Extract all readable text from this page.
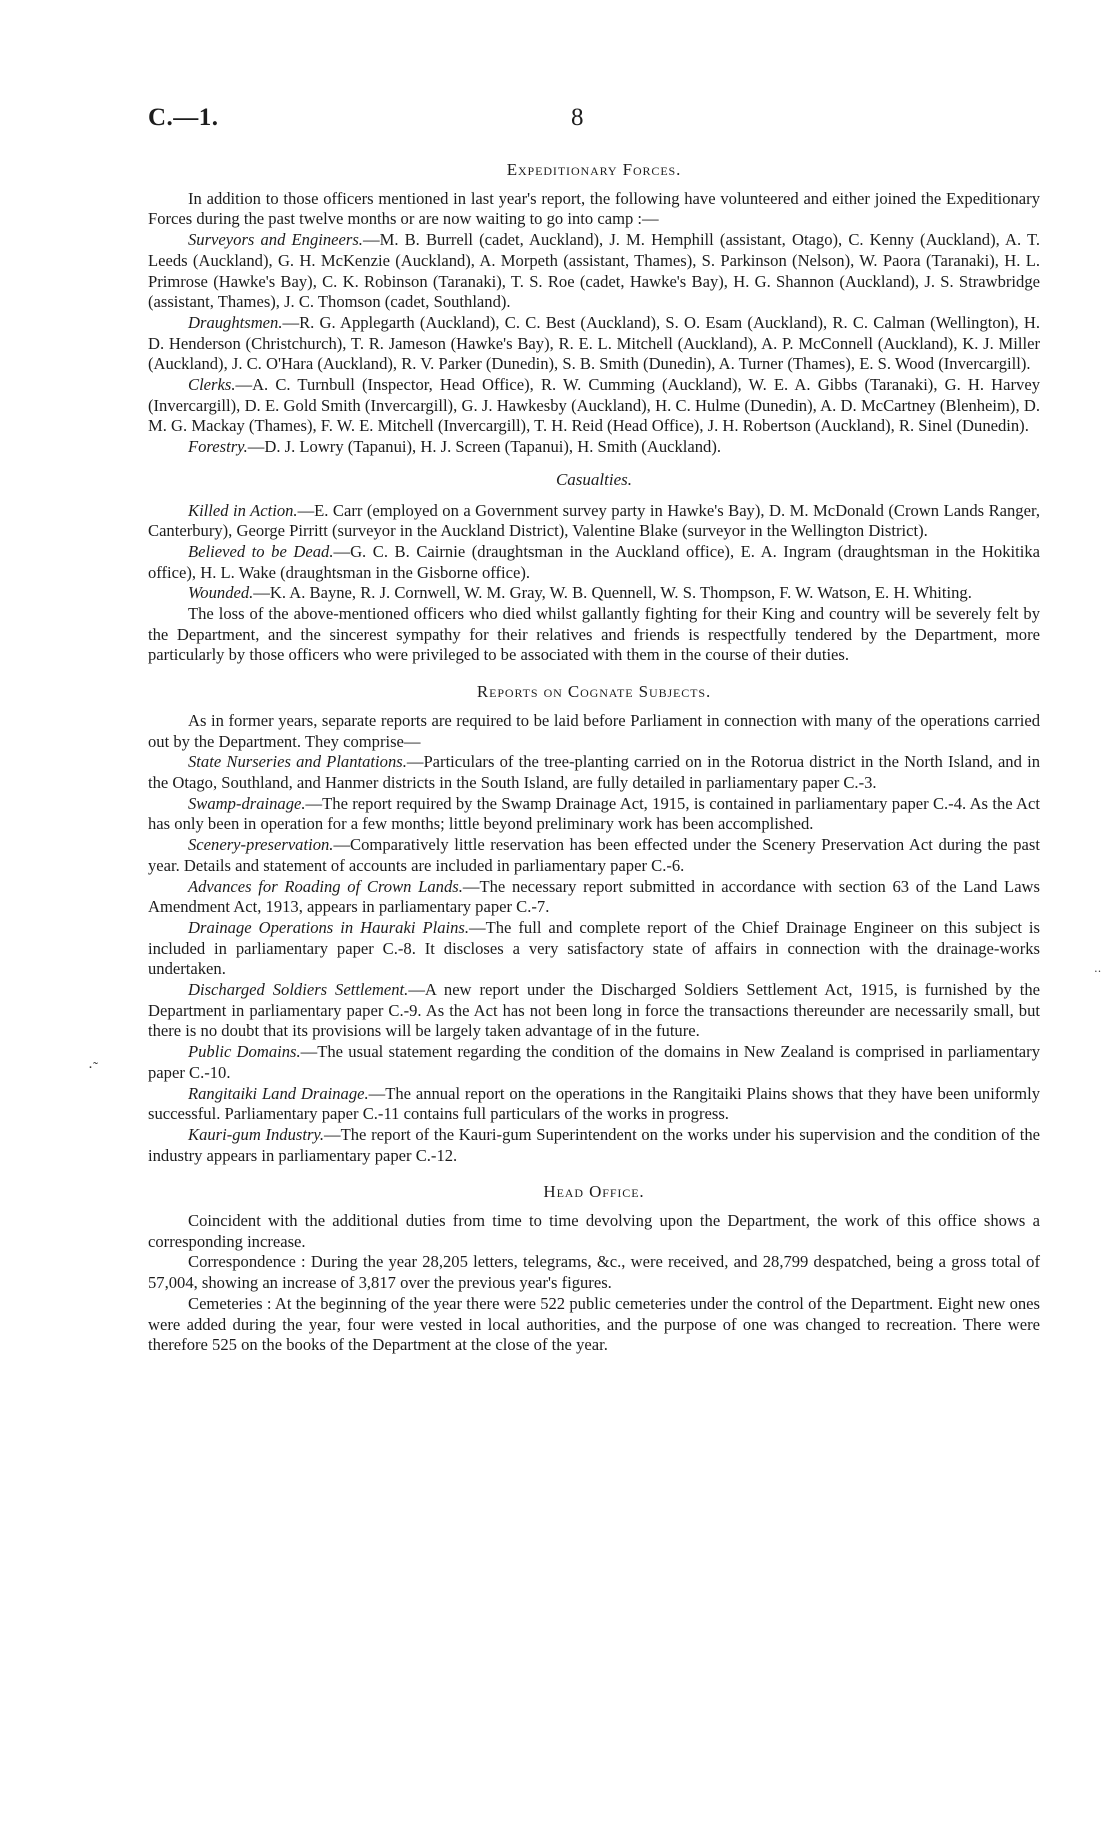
C.—1.	8
·˜
‥
Expeditionary Forces.

In addition to those officers mentioned in last year's report, the following have volunteered and either joined the Expeditionary Forces during the past twelve months or are now waiting to go into camp :—

Surveyors and Engineers.—M. B. Burrell (cadet, Auckland), J. M. Hemphill (assistant, Otago), C. Kenny (Auckland), A. T. Leeds (Auckland), G. H. McKenzie (Auckland), A. Morpeth (assistant, Thames), S. Parkinson (Nelson), W. Paora (Taranaki), H. L. Primrose (Hawke's Bay), C. K. Robinson (Taranaki), T. S. Roe (cadet, Hawke's Bay), H. G. Shannon (Auckland), J. S. Strawbridge (assistant, Thames), J. C. Thomson (cadet, Southland).

Draughtsmen.—R. G. Applegarth (Auckland), C. C. Best (Auckland), S. O. Esam (Auckland), R. C. Calman (Wellington), H. D. Henderson (Christchurch), T. R. Jameson (Hawke's Bay), R. E. L. Mitchell (Auckland), A. P. McConnell (Auckland), K. J. Miller (Auckland), J. C. O'Hara (Auckland), R. V. Parker (Dunedin), S. B. Smith (Dunedin), A. Turner (Thames), E. S. Wood (Invercargill).

Clerks.—A. C. Turnbull (Inspector, Head Office), R. W. Cumming (Auckland), W. E. A. Gibbs (Taranaki), G. H. Harvey (Invercargill), D. E. Gold Smith (Invercargill), G. J. Hawkesby (Auckland), H. C. Hulme (Dunedin), A. D. McCartney (Blenheim), D. M. G. Mackay (Thames), F. W. E. Mitchell (Invercargill), T. H. Reid (Head Office), J. H. Robertson (Auckland), R. Sinel (Dunedin).

Forestry.—D. J. Lowry (Tapanui), H. J. Screen (Tapanui), H. Smith (Auckland).

Casualties.

Killed in Action.—E. Carr (employed on a Government survey party in Hawke's Bay), D. M. McDonald (Crown Lands Ranger, Canterbury), George Pirritt (surveyor in the Auckland District), Valentine Blake (surveyor in the Wellington District).

Believed to be Dead.—G. C. B. Cairnie (draughtsman in the Auckland office), E. A. Ingram (draughtsman in the Hokitika office), H. L. Wake (draughtsman in the Gisborne office).

Wounded.—K. A. Bayne, R. J. Cornwell, W. M. Gray, W. B. Quennell, W. S. Thompson, F. W. Watson, E. H. Whiting.

The loss of the above-mentioned officers who died whilst gallantly fighting for their King and country will be severely felt by the Department, and the sincerest sympathy for their relatives and friends is respectfully tendered by the Department, more particularly by those officers who were privileged to be associated with them in the course of their duties.

Reports on Cognate Subjects.

As in former years, separate reports are required to be laid before Parliament in connection with many of the operations carried out by the Department. They comprise—

State Nurseries and Plantations.—Particulars of the tree-planting carried on in the Rotorua district in the North Island, and in the Otago, Southland, and Hanmer districts in the South Island, are fully detailed in parliamentary paper C.-3.

Swamp-drainage.—The report required by the Swamp Drainage Act, 1915, is contained in parliamentary paper C.-4. As the Act has only been in operation for a few months; little beyond preliminary work has been accomplished.

Scenery-preservation.—Comparatively little reservation has been effected under the Scenery Preservation Act during the past year. Details and statement of accounts are included in parliamentary paper C.-6.

Advances for Roading of Crown Lands.—The necessary report submitted in accordance with section 63 of the Land Laws Amendment Act, 1913, appears in parliamentary paper C.-7.

Drainage Operations in Hauraki Plains.—The full and complete report of the Chief Drainage Engineer on this subject is included in parliamentary paper C.-8. It discloses a very satisfactory state of affairs in connection with the drainage-works undertaken.

Discharged Soldiers Settlement.—A new report under the Discharged Soldiers Settlement Act, 1915, is furnished by the Department in parliamentary paper C.-9. As the Act has not been long in force the transactions thereunder are necessarily small, but there is no doubt that its provisions will be largely taken advantage of in the future.

Public Domains.—The usual statement regarding the condition of the domains in New Zealand is comprised in parliamentary paper C.-10.

Rangitaiki Land Drainage.—The annual report on the operations in the Rangitaiki Plains shows that they have been uniformly successful. Parliamentary paper C.-11 contains full particulars of the works in progress.

Kauri-gum Industry.—The report of the Kauri-gum Superintendent on the works under his supervision and the condition of the industry appears in parliamentary paper C.-12.

Head Office.

Coincident with the additional duties from time to time devolving upon the Department, the work of this office shows a corresponding increase.

Correspondence : During the year 28,205 letters, telegrams, &c., were received, and 28,799 despatched, being a gross total of 57,004, showing an increase of 3,817 over the previous year's figures.

Cemeteries : At the beginning of the year there were 522 public cemeteries under the control of the Department. Eight new ones were added during the year, four were vested in local authorities, and the purpose of one was changed to recreation. There were therefore 525 on the books of the Department at the close of the year.
